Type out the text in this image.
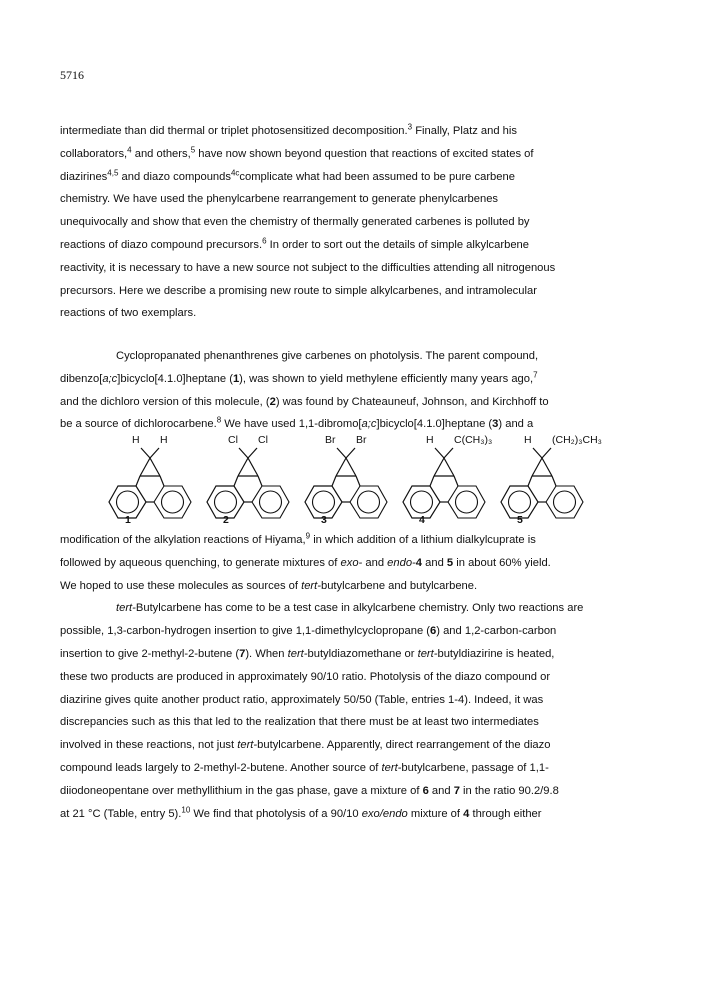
5716
intermediate than did thermal or triplet photosensitized decomposition.$^3$ Finally, Platz and his
collaborators,$^4$ and others,$^5$ have now shown beyond question that reactions of excited states of
diazirines$^{4,5}$ and diazo compounds$^{4c}$complicate what had been assumed to be pure carbene
chemistry. We have used the phenylcarbene rearrangement to generate phenylcarbenes
unequivocally and show that even the chemistry of thermally generated carbenes is polluted by
reactions of diazo compound precursors.$^6$ In order to sort out the details of simple alkylcarbene
reactivity, it is necessary to have a new source not subject to the difficulties attending all nitrogenous
precursors. Here we describe a promising new route to simple alkylcarbenes, and intramolecular
reactions of two exemplars.
Cyclopropanated phenanthrenes give carbenes on photolysis. The parent compound,
dibenzo[a;c]bicyclo[4.1.0]heptane (1), was shown to yield methylene efficiently many years ago,$^7$
and the dichloro version of this molecule, (2) was found by Chateauneuf, Johnson, and Kirchhoff to
be a source of dichlorocarbene.$^8$ We have used 1,1-dibromo[a;c]bicyclo[4.1.0]heptane (3) and a
H H
1
Cl Cl
2
Br Br
3
H C(CH₃)₃
4
H (CH₂)₃CH₃
5
modification of the alkylation reactions of Hiyama,$^9$ in which addition of a lithium dialkylcuprate is
followed by aqueous quenching, to generate mixtures of exo- and endo-4 and 5 in about 60% yield.
We hoped to use these molecules as sources of tert-butylcarbene and butylcarbene.
tert-Butylcarbene has come to be a test case in alkylcarbene chemistry. Only two reactions are
possible, 1,3-carbon-hydrogen insertion to give 1,1-dimethylcyclopropane (6) and 1,2-carbon-carbon
insertion to give 2-methyl-2-butene (7). When tert-butyldiazomethane or tert-butyldiazirine is heated,
these two products are produced in approximately 90/10 ratio. Photolysis of the diazo compound or
diazirine gives quite another product ratio, approximately 50/50 (Table, entries 1-4). Indeed, it was
discrepancies such as this that led to the realization that there must be at least two intermediates
involved in these reactions, not just tert-butylcarbene. Apparently, direct rearrangement of the diazo
compound leads largely to 2-methyl-2-butene. Another source of tert-butylcarbene, passage of 1,1-
diiodoneopentane over methyllithium in the gas phase, gave a mixture of 6 and 7 in the ratio 90.2/9.8
at 21 °C (Table, entry 5).$^{10}$ We find that photolysis of a 90/10 exo/endo mixture of 4 through either
